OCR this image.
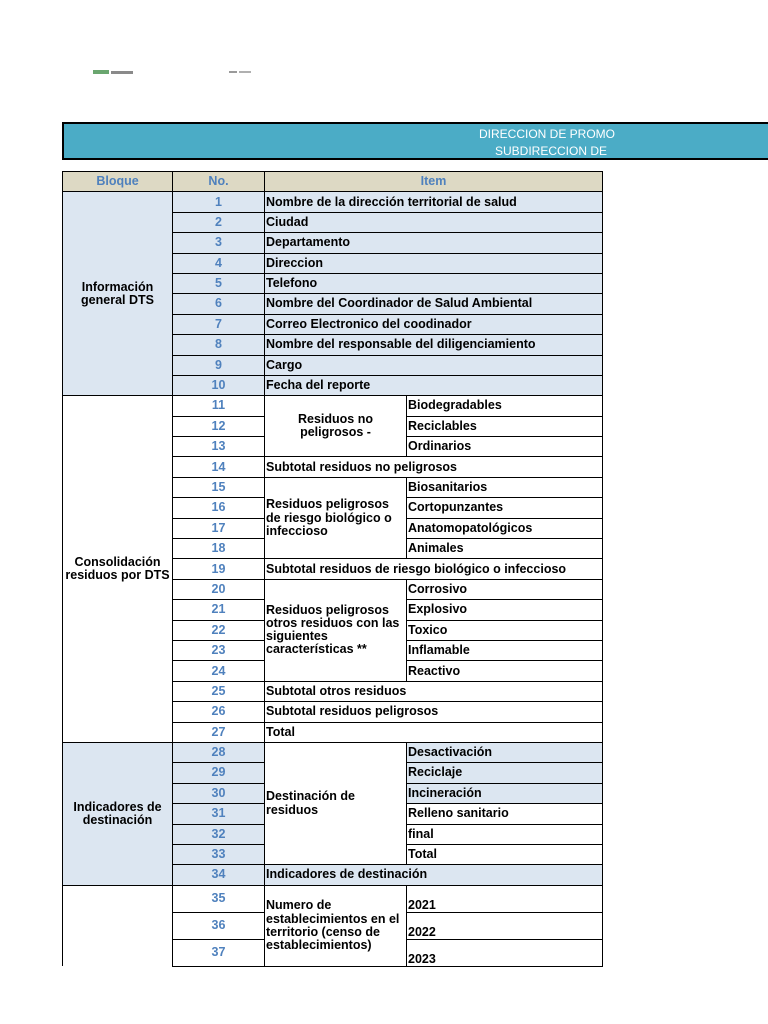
DIRECCION DE PROMO
SUBDIRECCION DE
Bloque	No.	Item	
Información general DTS	1	Nombre de la dirección territorial de salud	
	2	Ciudad	
	3	Departamento	
	4	Direccion	
	5	Telefono	
	6	Nombre del Coordinador de Salud Ambiental	
	7	Correo Electronico del coodinador	
	8	Nombre del responsable del diligenciamiento	
	9	Cargo	
	10	Fecha del reporte	
Consolidación residuos por DTS	11	Residuos no peligrosos -	Biodegradables
	12		Reciclables
	13		Ordinarios
	14	Subtotal residuos no peligrosos	
	15	Residuos peligrosos de riesgo biológico o infeccioso	Biosanitarios
	16		Cortopunzantes
	17		Anatomopatológicos
	18		Animales
	19	Subtotal residuos de riesgo biológico o infeccioso	
	20	Residuos peligrosos otros residuos con las siguientes características **	Corrosivo
	21		Explosivo
	22		Toxico
	23		Inflamable
	24		Reactivo
	25	Subtotal otros residuos	
	26	Subtotal residuos peligrosos	
	27	Total	
Indicadores de destinación	28	Destinación de residuos	Desactivación
	29		Reciclaje
	30		Incineración
	31		Relleno sanitario
	32		final
	33		Total
	34	Indicadores de destinación	
	35	Numero de establecimientos en el territorio (censo de establecimientos)	2021
	36		2022
	37		2023
